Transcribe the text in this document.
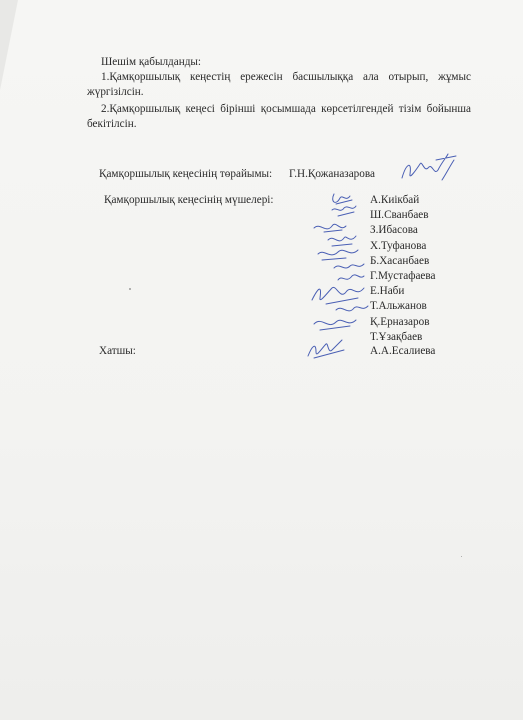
Шешім қабылданды:
1.Қамқоршылық кеңестің ережесін басшылыққа ала отырып, жұмыс жүргізілсін.
2.Қамқоршылық кеңесі бірінші қосымшада көрсетілгендей тізім бойынша бекітілсін.
Қамқоршылық кеңесінің төрайымы: Г.Н.Қожаназарова
Қамқоршылық кеңесінің мүшелері:	А.Киікбай
Ш.Сванбаев
З.Ибасова
Х.Туфанова
Б.Хасанбаев
Г.Мустафаева
Е.Наби
Т.Альжанов
Қ.Ерназаров
Т.Ұзақбаев
Хатшы:	А.А.Есалиева
